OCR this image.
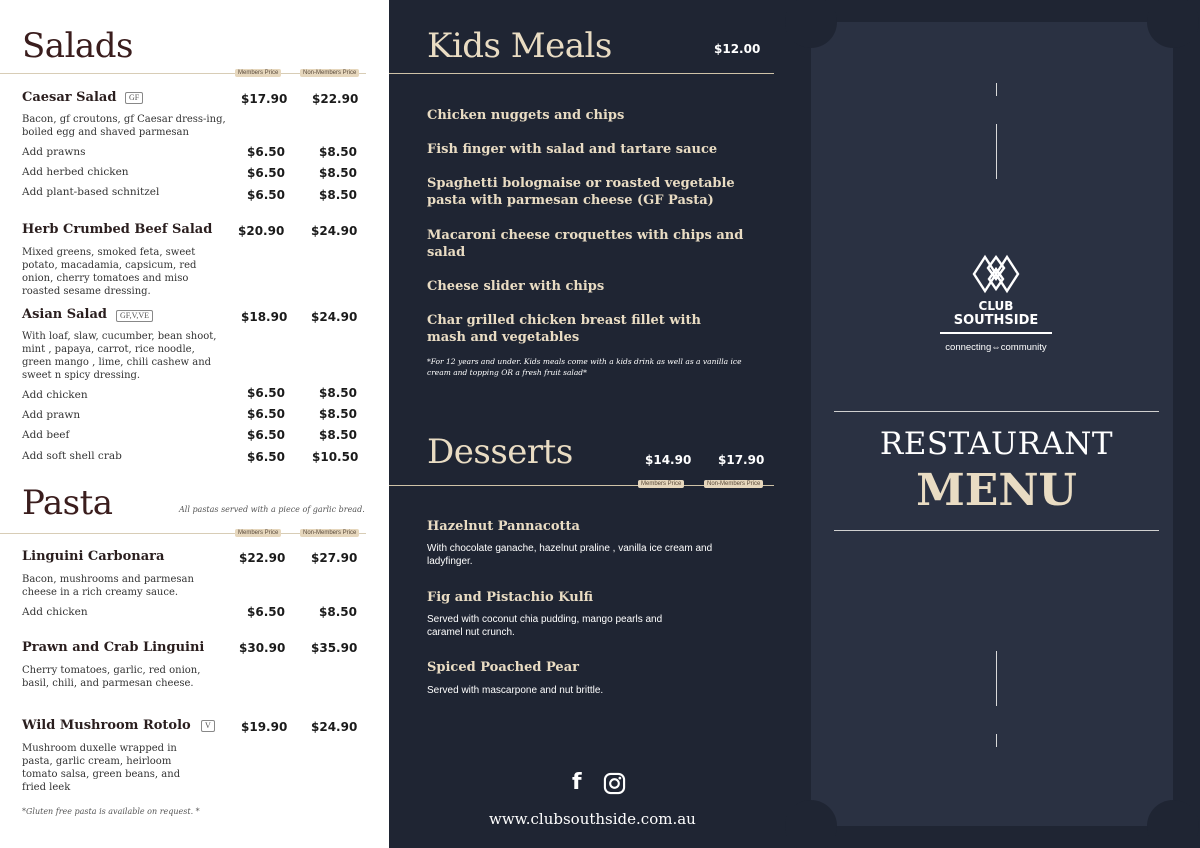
Salads
Members Price	Non-Members Price
Caesar Salad	GF	$17.90 $22.90
Bacon, gf croutons, gf Caesar dress-ing, boiled egg and shaved parmesan
Add prawns	$6.50	$8.50
Add herbed chicken	$6.50	$8.50
Add plant-based schnitzel	$6.50	$8.50
Herb Crumbed Beef Salad $20.90 $24.90
Mixed greens, smoked feta, sweet potato, macadamia, capsicum, red onion, cherry tomatoes and miso roasted sesame dressing.
Asian Salad	GF,V,VE	$18.90 $24.90
With loaf, slaw, cucumber, bean shoot, mint , papaya, carrot, rice noodle, green mango , lime, chili cashew and sweet n spicy dressing.
Add chicken	$6.50	$8.50
Add prawn	$6.50	$8.50
Add beef	$6.50	$8.50
Add soft shell crab	$6.50 $10.50
Pasta	All pastas served with a piece of garlic bread.
Members Price	Non-Members Price
Linguini Carbonara	$22.90 $27.90
Bacon, mushrooms and parmesan cheese in a rich creamy sauce.
Add chicken	$6.50	$8.50
Prawn and Crab Linguini	$30.90 $35.90
Cherry tomatoes, garlic, red onion, basil, chili, and parmesan cheese.
Wild Mushroom Rotolo	V	$19.90 $24.90
Mushroom duxelle wrapped in pasta, garlic cream, heirloom tomato salsa, green beans, and fried leek
*Gluten free pasta is available on request. *
Kids Meals	$12.00
Chicken nuggets and chips
Fish finger with salad and tartare sauce
Spaghetti bolognaise or roasted vegetable pasta with parmesan cheese (GF Pasta)
Macaroni cheese croquettes with chips and salad
Cheese slider with chips
Char grilled chicken breast fillet with mash and vegetables
*For 12 years and under. Kids meals come with a kids drink as well as a vanilla ice cream and topping OR a fresh fruit salad*
Desserts	$14.90 $17.90
Members Price	Non-Members Price
Hazelnut Pannacotta
With chocolate ganache, hazelnut praline , vanilla ice cream and ladyfinger.
Fig and Pistachio Kulfi
Served with coconut chia pudding, mango pearls and caramel nut crunch.
Spiced Poached Pear
Served with mascarpone and nut brittle.
f
www.clubsouthside.com.au
CLUB
SOUTHSIDE
connecting⇔community
RESTAURANT
MENU
